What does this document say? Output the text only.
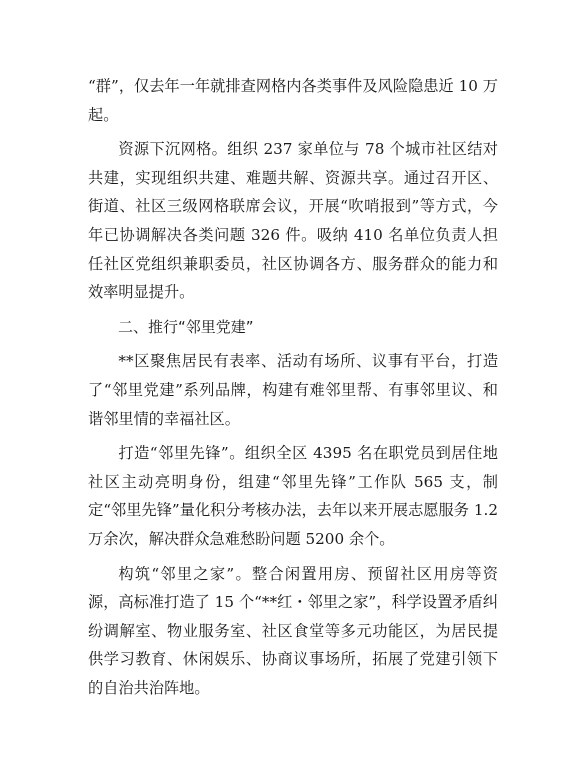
“群”，仅去年一年就排查网格内各类事件及风险隐患近 10 万起。

资源下沉网格。组织 237 家单位与 78 个城市社区结对共建，实现组织共建、难题共解、资源共享。通过召开区、街道、社区三级网格联席会议，开展“吹哨报到”等方式，今年已协调解决各类问题 326 件。吸纳 410 名单位负责人担任社区党组织兼职委员，社区协调各方、服务群众的能力和效率明显提升。

二、推行“邻里党建”

**区聚焦居民有表率、活动有场所、议事有平台，打造了“邻里党建”系列品牌，构建有难邻里帮、有事邻里议、和谐邻里情的幸福社区。

打造“邻里先锋”。组织全区 4395 名在职党员到居住地社区主动亮明身份，组建“邻里先锋”工作队 565 支，制定“邻里先锋”量化积分考核办法，去年以来开展志愿服务 1.2 万余次，解决群众急难愁盼问题 5200 余个。

构筑“邻里之家”。整合闲置用房、预留社区用房等资源，高标准打造了 15 个“**红・邻里之家”，科学设置矛盾纠纷调解室、物业服务室、社区食堂等多元功能区，为居民提供学习教育、休闲娱乐、协商议事场所，拓展了党建引领下的自治共治阵地。
